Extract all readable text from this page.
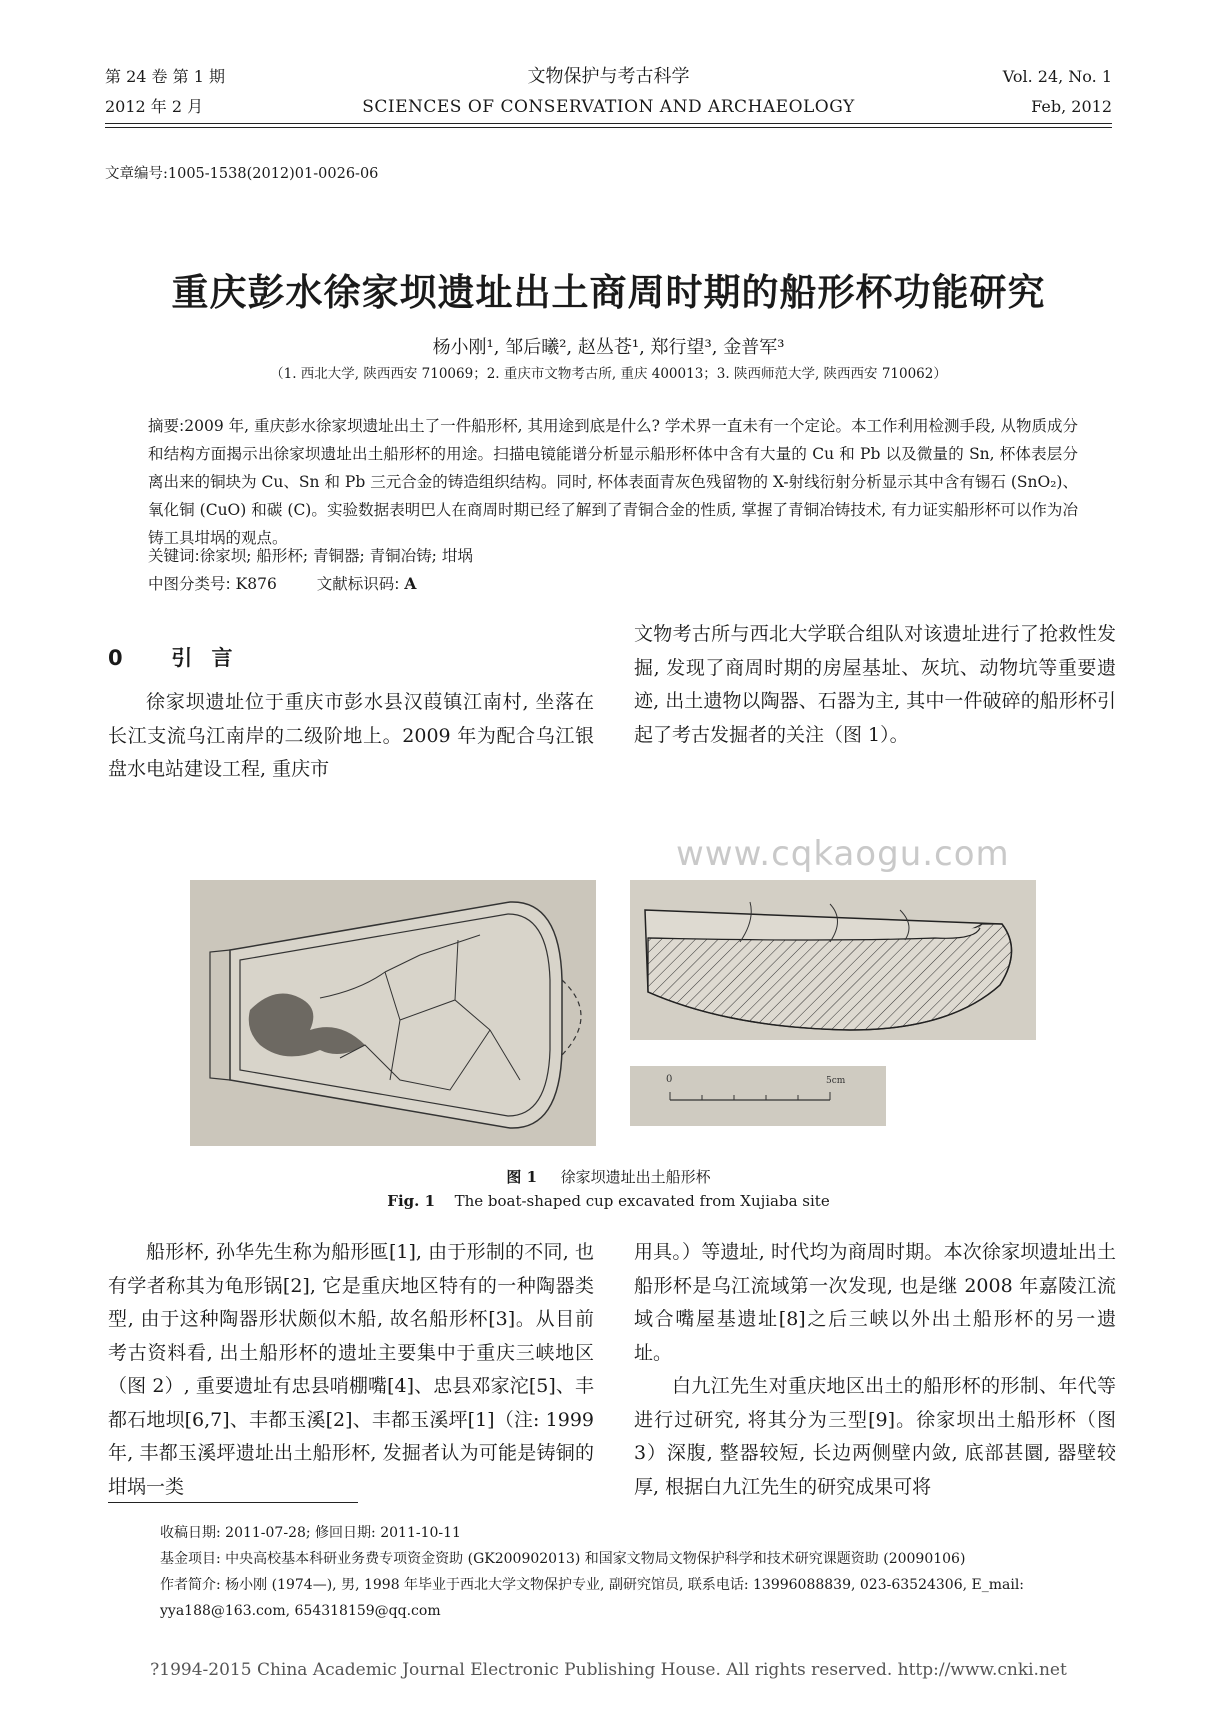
第 24 卷 第 1 期
2012 年 2 月
文物保护与考古科学
SCIENCES OF CONSERVATION AND ARCHAEOLOGY
Vol. 24, No. 1
Feb, 2012
文章编号:1005-1538(2012)01-0026-06
重庆彭水徐家坝遗址出土商周时期的船形杯功能研究
杨小刚¹, 邹后曦², 赵丛苍¹, 郑行望³, 金普军³
（1. 西北大学, 陕西西安 710069；2. 重庆市文物考古所, 重庆 400013；3. 陕西师范大学, 陕西西安 710062）

摘要:2009 年, 重庆彭水徐家坝遗址出土了一件船形杯, 其用途到底是什么? 学术界一直未有一个定论。本工作利用检测手段, 从物质成分和结构方面揭示出徐家坝遗址出土船形杯的用途。扫描电镜能谱分析显示船形杯体中含有大量的 Cu 和 Pb 以及微量的 Sn, 杯体表层分离出来的铜块为 Cu、Sn 和 Pb 三元合金的铸造组织结构。同时, 杯体表面青灰色残留物的 X-射线衍射分析显示其中含有锡石 (SnO₂)、氧化铜 (CuO) 和碳 (C)。实验数据表明巴人在商周时期已经了解到了青铜合金的性质, 掌握了青铜冶铸技术, 有力证实船形杯可以作为冶铸工具坩埚的观点。

关键词:徐家坝; 船形杯; 青铜器; 青铜冶铸; 坩埚
中图分类号: K876	文献标识码: A
0 引 言

徐家坝遗址位于重庆市彭水县汉葭镇江南村, 坐落在长江支流乌江南岸的二级阶地上。2009 年为配合乌江银盘水电站建设工程, 重庆市

文物考古所与西北大学联合组队对该遗址进行了抢救性发掘, 发现了商周时期的房屋基址、灰坑、动物坑等重要遗迹, 出土遗物以陶器、石器为主, 其中一件破碎的船形杯引起了考古发掘者的关注（图 1）。

www.cqkaogu.com
0	5cm
图 1 徐家坝遗址出土船形杯
Fig. 1 The boat-shaped cup excavated from Xujiaba site

船形杯, 孙华先生称为船形匜[1], 由于形制的不同, 也有学者称其为龟形锅[2], 它是重庆地区特有的一种陶器类型, 由于这种陶器形状颇似木船, 故名船形杯[3]。从目前考古资料看, 出土船形杯的遗址主要集中于重庆三峡地区（图 2）, 重要遗址有忠县哨棚嘴[4]、忠县邓家沱[5]、丰都石地坝[6,7]、丰都玉溪[2]、丰都玉溪坪[1]（注: 1999 年, 丰都玉溪坪遗址出土船形杯, 发掘者认为可能是铸铜的坩埚一类

用具。）等遗址, 时代均为商周时期。本次徐家坝遗址出土船形杯是乌江流域第一次发现, 也是继 2008 年嘉陵江流域合嘴屋基遗址[8]之后三峡以外出土船形杯的另一遗址。

白九江先生对重庆地区出土的船形杯的形制、年代等进行过研究, 将其分为三型[9]。徐家坝出土船形杯（图 3）深腹, 整器较短, 长边两侧壁内敛, 底部甚圜, 器壁较厚, 根据白九江先生的研究成果可将

收稿日期: 2011-07-28; 修回日期: 2011-10-11

基金项目: 中央高校基本科研业务费专项资金资助 (GK200902013) 和国家文物局文物保护科学和技术研究课题资助 (20090106)

作者简介: 杨小刚 (1974—), 男, 1998 年毕业于西北大学文物保护专业, 副研究馆员, 联系电话: 13996088839, 023-63524306, E_mail:

yya188@163.com, 654318159@qq.com

?1994-2015 China Academic Journal Electronic Publishing House. All rights reserved. http://www.cnki.net
